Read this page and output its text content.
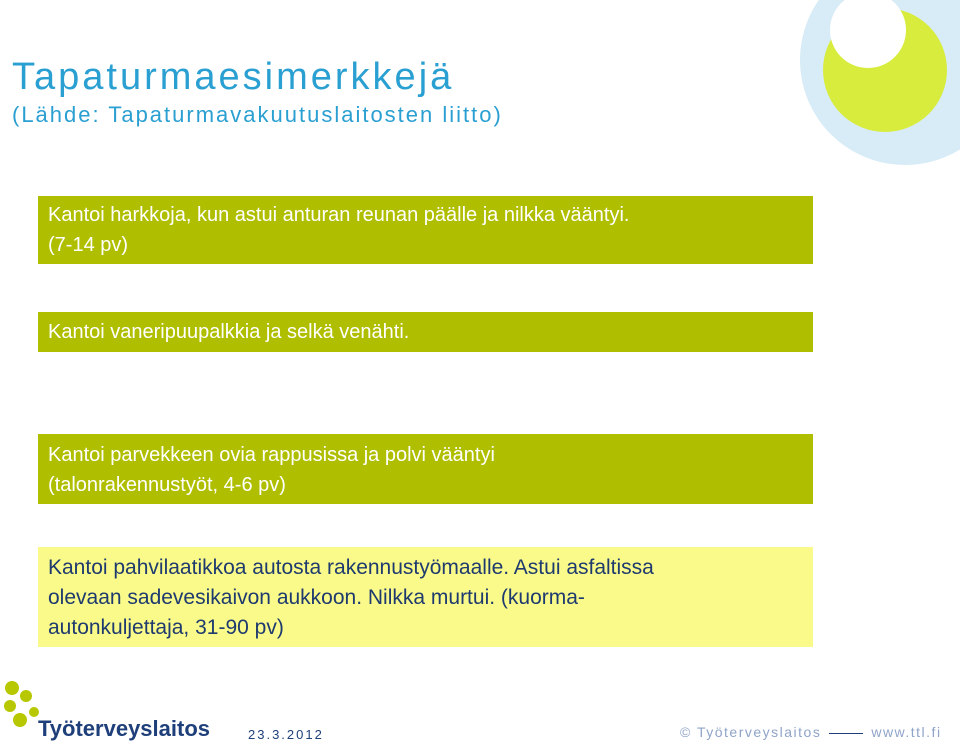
Tapaturmaesimerkkejä
(Lähde: Tapaturmavakuutuslaitosten liitto)
Kantoi harkkoja, kun astui anturan reunan päälle ja nilkka vääntyi.
(7-14 pv)
Kantoi vaneripuupalkkia ja selkä venähti.
Kantoi parvekkeen ovia rappusissa ja polvi vääntyi
(talonrakennustyöt, 4-6 pv)
Kantoi pahvilaatikkoa autosta rakennustyömaalle. Astui asfaltissa
olevaan sadevesikaivon aukkoon. Nilkka murtui. (kuorma-
autonkuljettaja, 31-90 pv)
Työterveyslaitos	23.3.2012	© Työterveyslaitos	www.ttl.fi
